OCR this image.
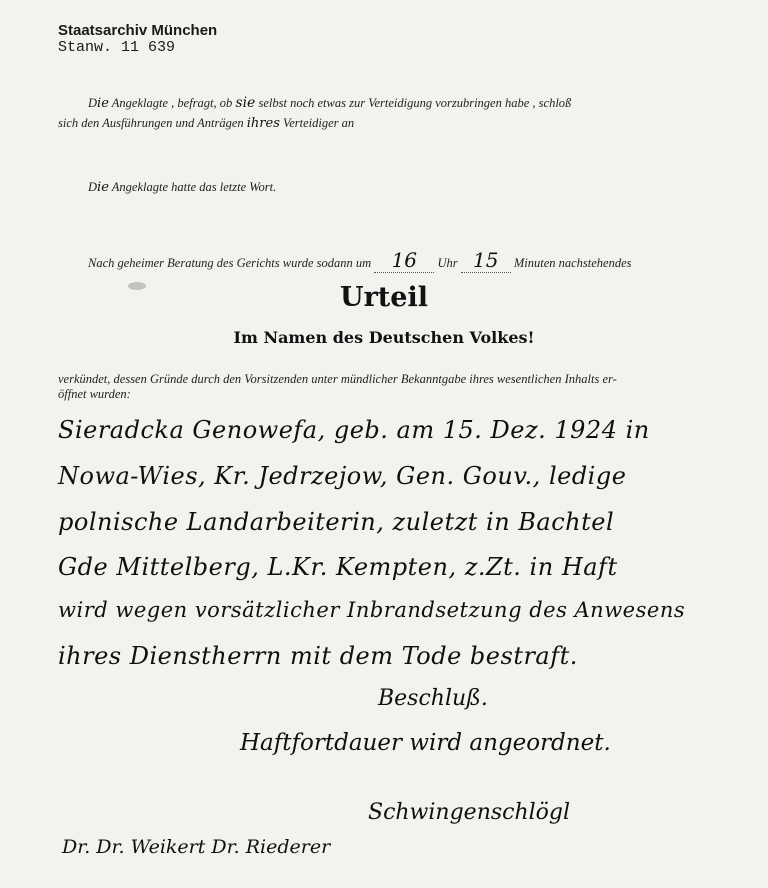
Staatsarchiv München
Stanw. 11 639
Die Angeklagte , befragt, ob sie selbst noch etwas zur Verteidigung vorzubringen habe , schloß
sich den Ausführungen und Anträgen ihres Verteidiger an
Die Angeklagte hatte das letzte Wort.
Nach geheimer Beratung des Gerichts wurde sodann um 16 Uhr 15 Minuten nachstehendes
Urteil
Im Namen des Deutschen Volkes!
verkündet, dessen Gründe durch den Vorsitzenden unter mündlicher Bekanntgabe ihres wesentlichen Inhalts er-
öffnet wurden:
Sieradcka Genowefa, geb. am 15. Dez. 1924 in
Nowa-Wies, Kr. Jedrzejow, Gen. Gouv., ledige
polnische Landarbeiterin, zuletzt in Bachtel
Gde Mittelberg, L.Kr. Kempten, z.Zt. in Haft
wird wegen vorsätzlicher Inbrandsetzung des Anwesens
ihres Dienstherrn mit dem Tode bestraft.
Beschluß.
Haftfortdauer wird angeordnet.
Schwingenschlögl
Dr. Dr. Weikert Dr. Riederer
